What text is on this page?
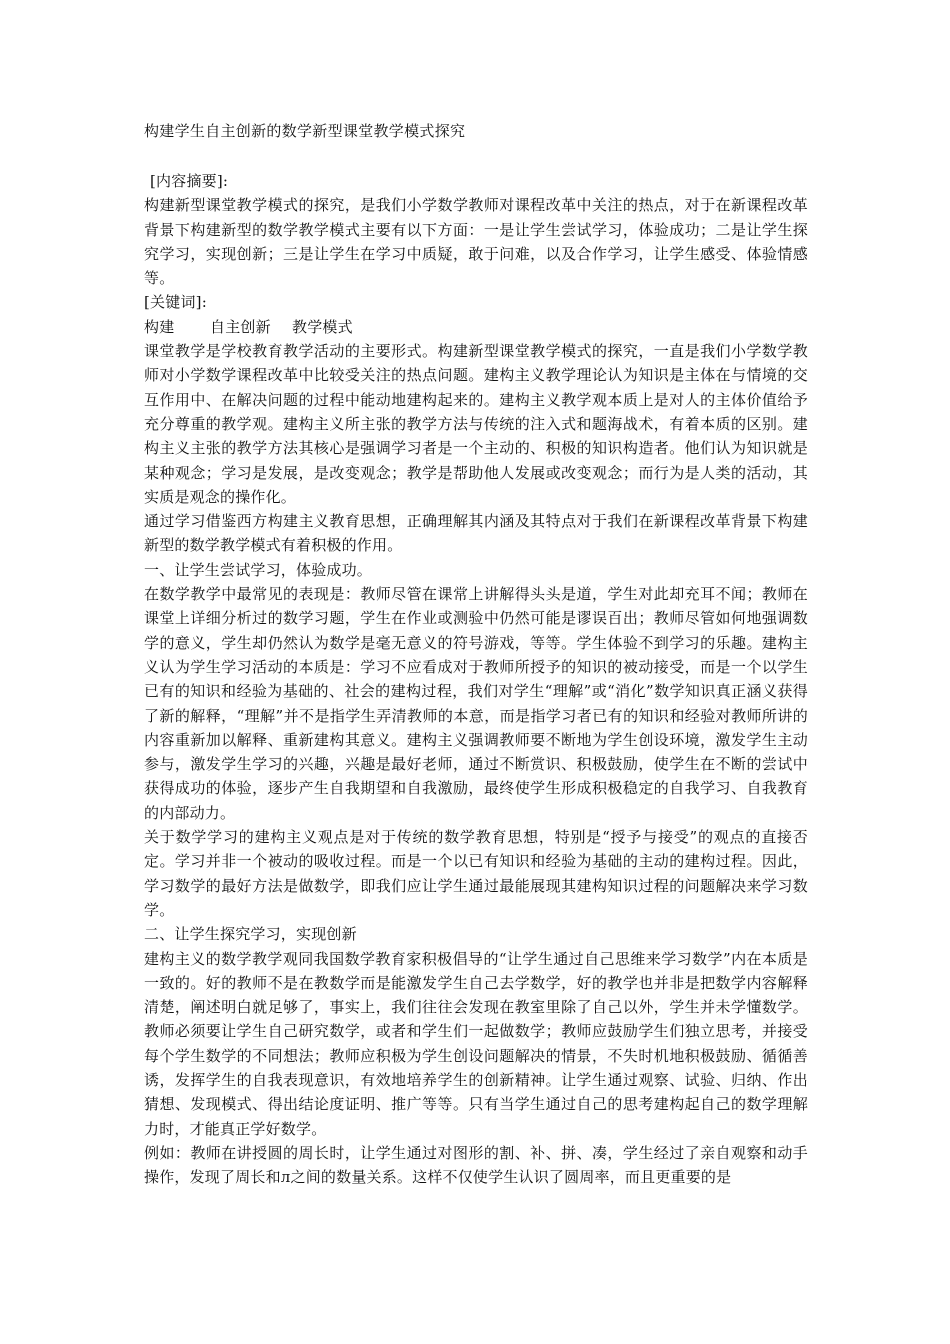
构建学生自主创新的数学新型课堂教学模式探究

[内容摘要]:

构建新型课堂教学模式的探究，是我们小学数学教师对课程改革中关注的热点，对于在新课程改革背景下构建新型的数学教学模式主要有以下方面：一是让学生尝试学习，体验成功；二是让学生探究学习，实现创新；三是让学生在学习中质疑，敢于问难，以及合作学习，让学生感受、体验情感等。

[关键词]:

构建 自主创新 教学模式

课堂教学是学校教育教学活动的主要形式。构建新型课堂教学模式的探究，一直是我们小学数学教师对小学数学课程改革中比较受关注的热点问题。建构主义教学理论认为知识是主体在与情境的交互作用中、在解决问题的过程中能动地建构起来的。建构主义教学观本质上是对人的主体价值给予充分尊重的教学观。建构主义所主张的教学方法与传统的注入式和题海战术，有着本质的区别。建构主义主张的教学方法其核心是强调学习者是一个主动的、积极的知识构造者。他们认为知识就是某种观念；学习是发展，是改变观念；教学是帮助他人发展或改变观念；而行为是人类的活动，其实质是观念的操作化。

通过学习借鉴西方构建主义教育思想，正确理解其内涵及其特点对于我们在新课程改革背景下构建新型的数学教学模式有着积极的作用。

一、让学生尝试学习，体验成功。

在数学教学中最常见的表现是：教师尽管在课常上讲解得头头是道，学生对此却充耳不闻；教师在课堂上详细分析过的数学习题，学生在作业或测验中仍然可能是谬误百出；教师尽管如何地强调数学的意义，学生却仍然认为数学是毫无意义的符号游戏，等等。学生体验不到学习的乐趣。建构主义认为学生学习活动的本质是：学习不应看成对于教师所授予的知识的被动接受，而是一个以学生已有的知识和经验为基础的、社会的建构过程，我们对学生“理解”或“消化”数学知识真正涵义获得了新的解释，“理解”并不是指学生弄清教师的本意，而是指学习者已有的知识和经验对教师所讲的内容重新加以解释、重新建构其意义。建构主义强调教师要不断地为学生创设环境，激发学生主动参与，激发学生学习的兴趣，兴趣是最好老师，通过不断赏识、积极鼓励，使学生在不断的尝试中获得成功的体验，逐步产生自我期望和自我激励，最终使学生形成积极稳定的自我学习、自我教育的内部动力。

关于数学学习的建构主义观点是对于传统的数学教育思想，特别是“授予与接受”的观点的直接否定。学习并非一个被动的吸收过程。而是一个以已有知识和经验为基础的主动的建构过程。因此，学习数学的最好方法是做数学，即我们应让学生通过最能展现其建构知识过程的问题解决来学习数学。

二、让学生探究学习，实现创新

建构主义的数学教学观同我国数学教育家积极倡导的“让学生通过自己思维来学习数学”内在本质是一致的。好的教师不是在教数学而是能激发学生自己去学数学，好的教学也并非是把数学内容解释清楚，阐述明白就足够了，事实上，我们往往会发现在教室里除了自己以外，学生并未学懂数学。教师必须要让学生自己研究数学，或者和学生们一起做数学；教师应鼓励学生们独立思考，并接受每个学生数学的不同想法；教师应积极为学生创设问题解决的情景，不失时机地积极鼓励、循循善诱，发挥学生的自我表现意识，有效地培养学生的创新精神。让学生通过观察、试验、归纳、作出猜想、发现模式、得出结论度证明、推广等等。只有当学生通过自己的思考建构起自己的数学理解力时，才能真正学好数学。

例如：教师在讲授圆的周长时，让学生通过对图形的割、补、拼、凑，学生经过了亲自观察和动手操作，发现了周长和л之间的数量关系。这样不仅使学生认识了圆周率，而且更重要的是
